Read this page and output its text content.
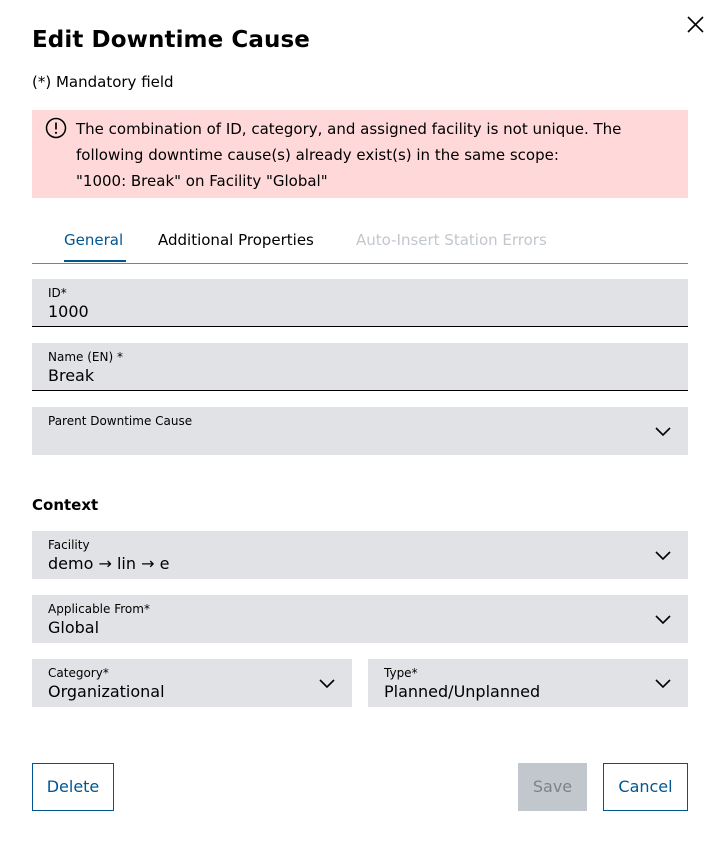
Edit Downtime Cause
(*) Mandatory field
The combination of ID, category, and assigned facility is not unique. The
following downtime cause(s) already exist(s) in the same scope:
"1000: Break" on Facility "Global"
General Additional Properties	Auto-Insert Station Errors
ID*
1000
Name (EN) *
Break
Parent Downtime Cause
Context
Facility
demo → lin → e
Applicable From*
Global
Category*
Organizational
Type*
Planned/Unplanned
Delete	Save	Cancel
